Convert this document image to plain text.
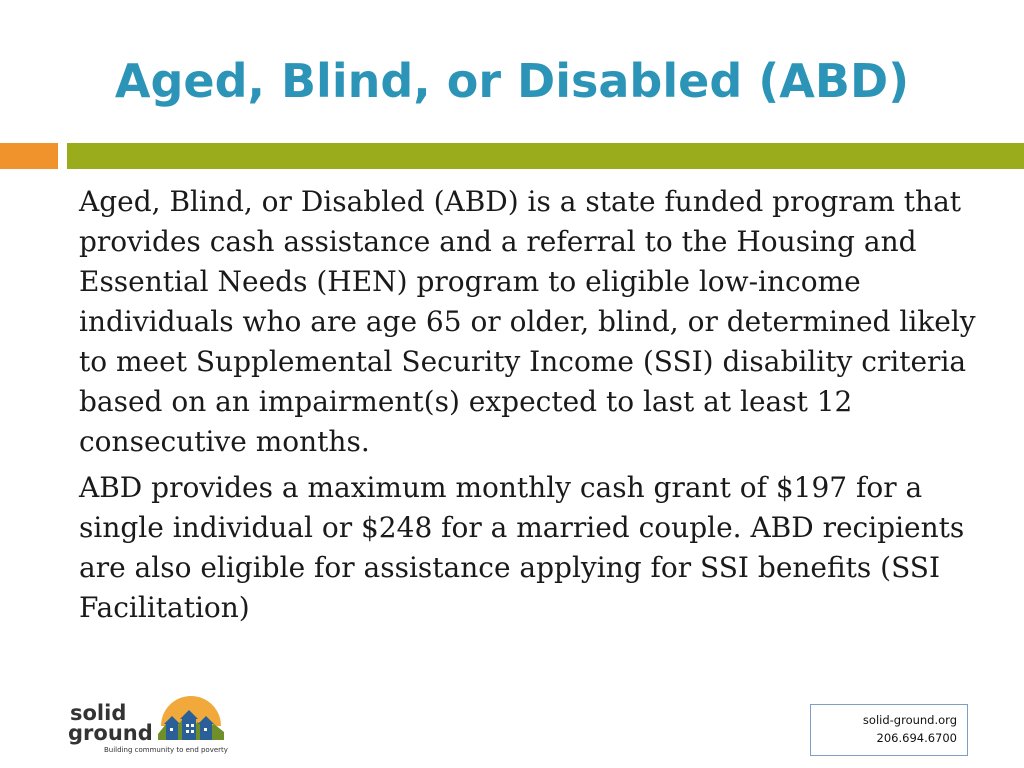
Aged, Blind, or Disabled (ABD)

Aged, Blind, or Disabled (ABD) is a state funded program that provides cash assistance and a referral to the Housing and Essential Needs (HEN) program to eligible low-income individuals who are age 65 or older, blind, or determined likely to meet Supplemental Security Income (SSI) disability criteria based on an impairment(s) expected to last at least 12 consecutive months.

ABD provides a maximum monthly cash grant of $197 for a single individual or $248 for a married couple. ABD recipients are also eligible for assistance applying for SSI benefits (SSI Facilitation)

solid
ground
Building community to end poverty
solid-ground.org
206.694.6700
